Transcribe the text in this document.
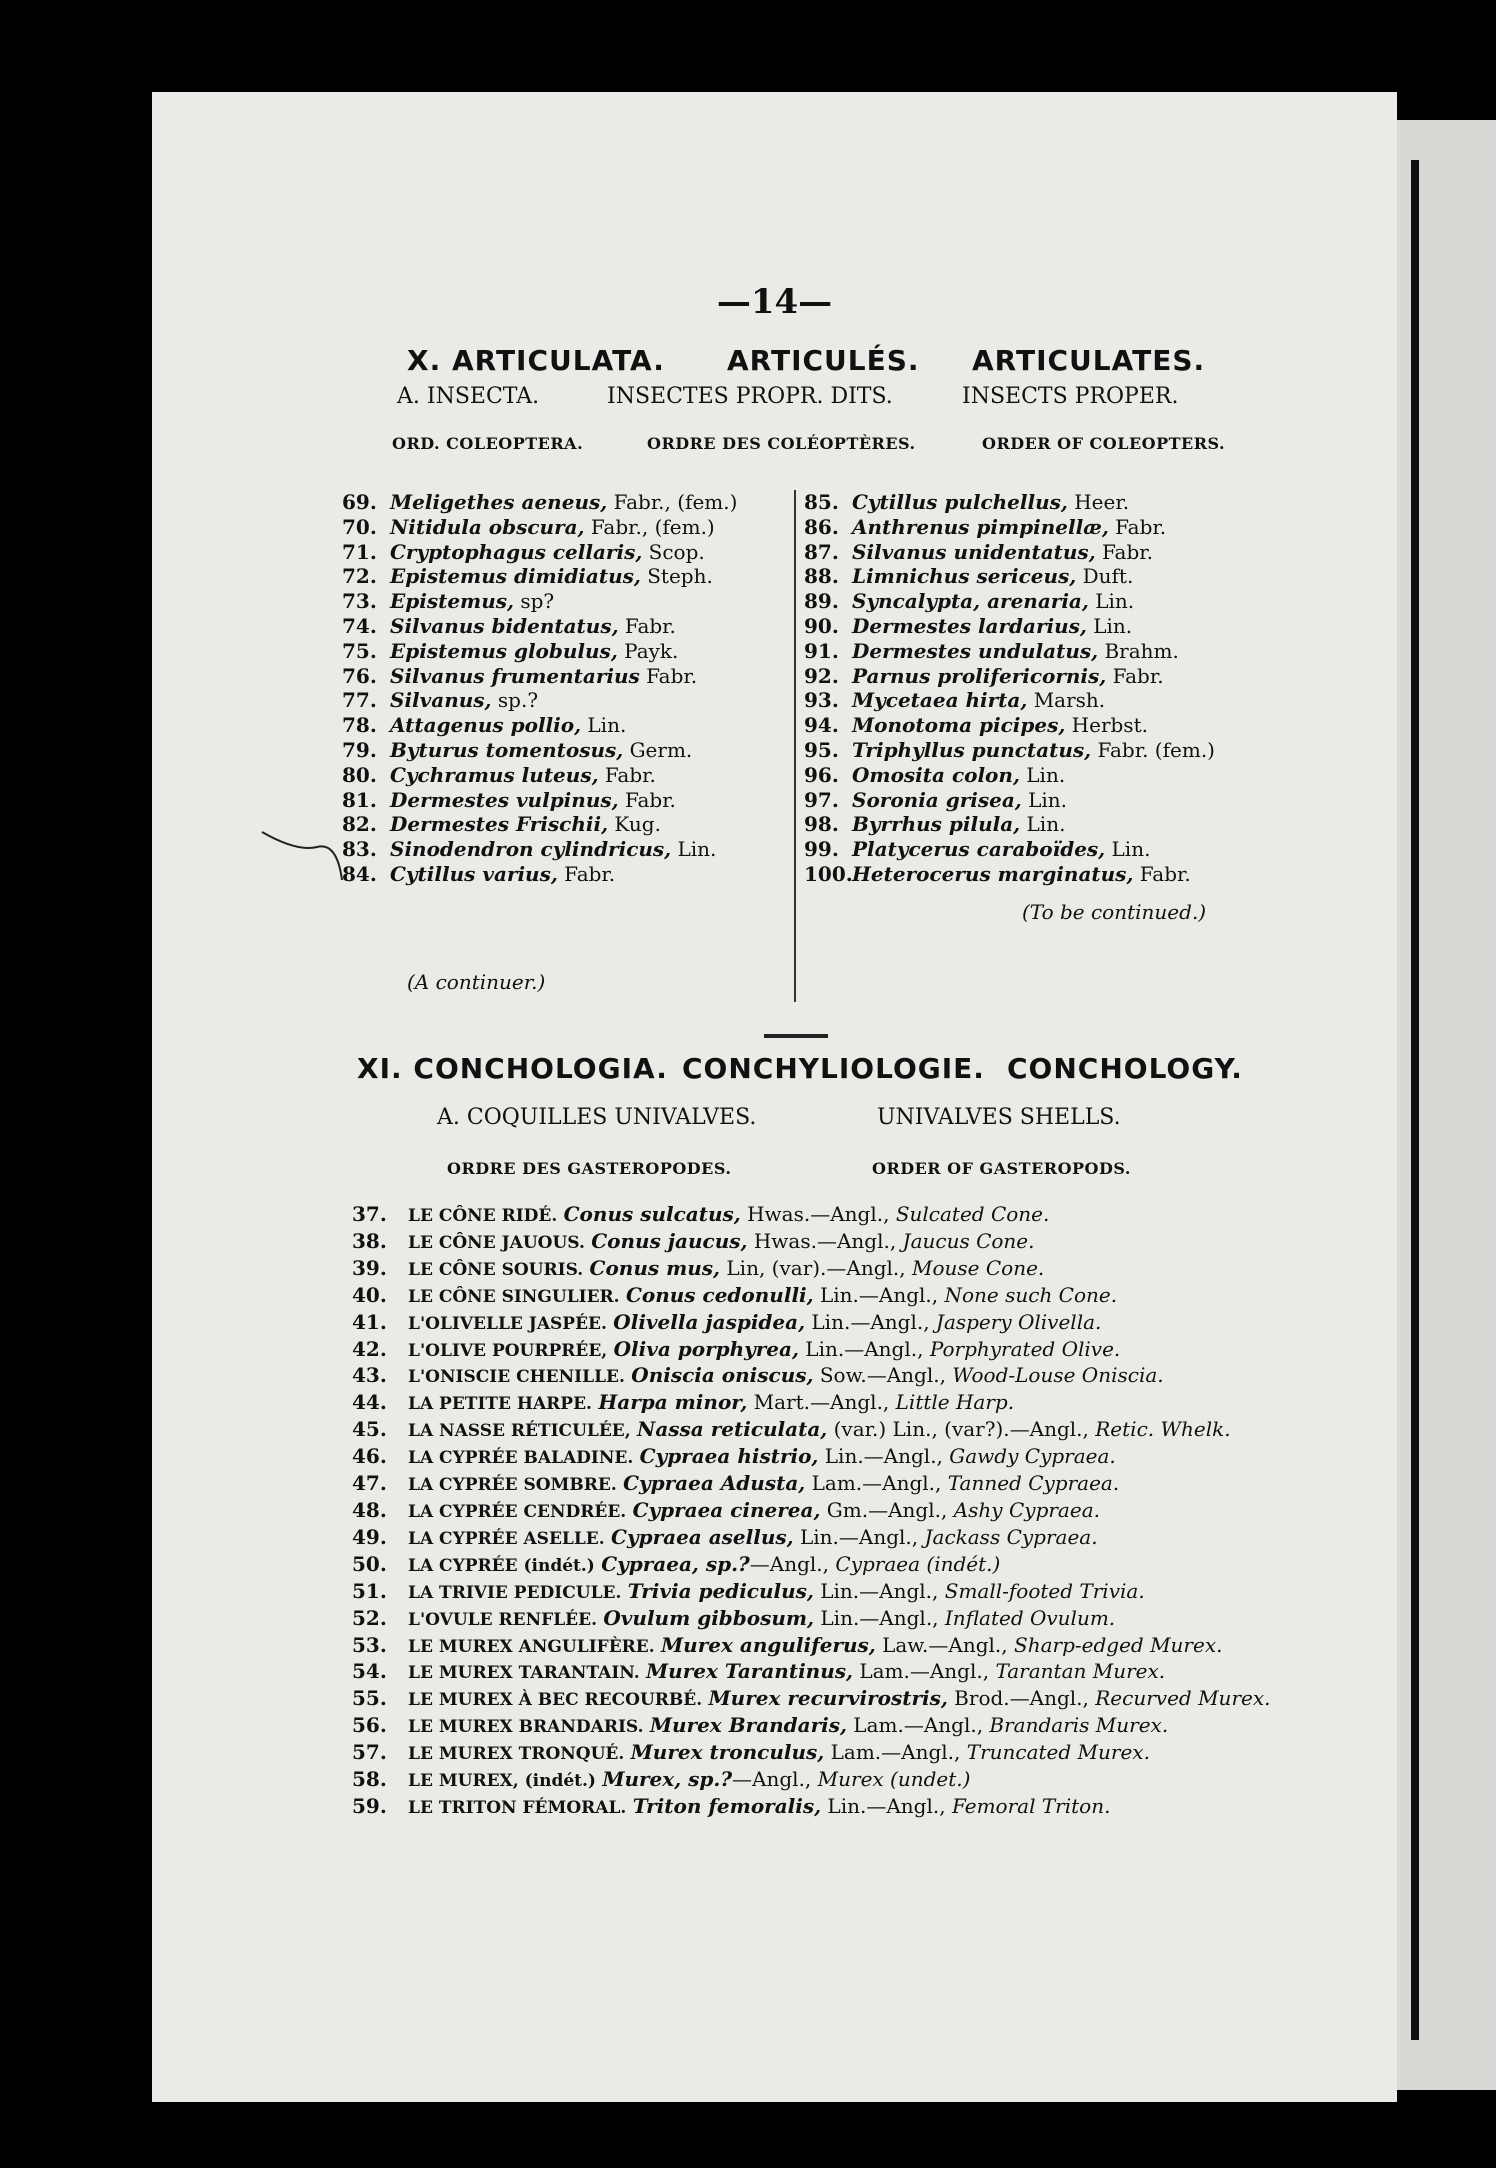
—14—
X. ARTICULATA. ARTICULÉS. ARTICULATES.
A. INSECTA.	INSECTES PROPR. DITS.	INSECTS PROPER.
ORD. COLEOPTERA.	ORDRE DES COLÉOPTÈRES.	ORDER OF COLEOPTERS.
69. Meligethes aeneus, Fabr., (fem.)
70. Nitidula obscura, Fabr., (fem.)
71. Cryptophagus cellaris, Scop.
72. Epistemus dimidiatus, Steph.
73. Epistemus, sp?
74. Silvanus bidentatus, Fabr.
75. Epistemus globulus, Payk.
76. Silvanus frumentarius Fabr.
77. Silvanus, sp.?
78. Attagenus pollio, Lin.
79. Byturus tomentosus, Germ.
80. Cychramus luteus, Fabr.
81. Dermestes vulpinus, Fabr.
82. Dermestes Frischii, Kug.
83. Sinodendron cylindricus, Lin.
84. Cytillus varius, Fabr.
(A continuer.)
85. Cytillus pulchellus, Heer.
86. Anthrenus pimpinellæ, Fabr.
87. Silvanus unidentatus, Fabr.
88. Limnichus sericeus, Duft.
89. Syncalypta, arenaria, Lin.
90. Dermestes lardarius, Lin.
91. Dermestes undulatus, Brahm.
92. Parnus prolifericornis, Fabr.
93. Mycetaea hirta, Marsh.
94. Monotoma picipes, Herbst.
95. Triphyllus punctatus, Fabr. (fem.)
96. Omosita colon, Lin.
97. Soronia grisea, Lin.
98. Byrrhus pilula, Lin.
99. Platycerus caraboïdes, Lin.
100.Heterocerus marginatus, Fabr.
(To be continued.)
XI. CONCHOLOGIA. CONCHYLIOLOGIE. CONCHOLOGY.
A. COQUILLES UNIVALVES.	UNIVALVES SHELLS.
ORDRE DES GASTEROPODES.	ORDER OF GASTEROPODS.
37. LE CÔNE RIDÉ. Conus sulcatus, Hwas.—Angl., Sulcated Cone.
38. LE CÔNE JAUOUS. Conus jaucus, Hwas.—Angl., Jaucus Cone.
39. LE CÔNE SOURIS. Conus mus, Lin, (var).—Angl., Mouse Cone.
40. LE CÔNE SINGULIER. Conus cedonulli, Lin.—Angl., None such Cone.
41. L'OLIVELLE JASPÉE. Olivella jaspidea, Lin.—Angl., Jaspery Olivella.
42. L'OLIVE POURPRÉE, Oliva porphyrea, Lin.—Angl., Porphyrated Olive.
43. L'ONISCIE CHENILLE. Oniscia oniscus, Sow.—Angl., Wood-Louse Oniscia.
44. LA PETITE HARPE. Harpa minor, Mart.—Angl., Little Harp.
45. LA NASSE RÉTICULÉE, Nassa reticulata, (var.) Lin., (var?).—Angl., Retic. Whelk.
46. LA CYPRÉE BALADINE. Cypraea histrio, Lin.—Angl., Gawdy Cypraea.
47. LA CYPRÉE SOMBRE. Cypraea Adusta, Lam.—Angl., Tanned Cypraea.
48. LA CYPRÉE CENDRÉE. Cypraea cinerea, Gm.—Angl., Ashy Cypraea.
49. LA CYPRÉE ASELLE. Cypraea asellus, Lin.—Angl., Jackass Cypraea.
50. LA CYPRÉE (indét.) Cypraea, sp.?—Angl., Cypraea (indét.)
51. LA TRIVIE PEDICULE. Trivia pediculus, Lin.—Angl., Small-footed Trivia.
52. L'OVULE RENFLÉE. Ovulum gibbosum, Lin.—Angl., Inflated Ovulum.
53. LE MUREX ANGULIFÈRE. Murex anguliferus, Law.—Angl., Sharp-edged Murex.
54. LE MUREX TARANTAIN. Murex Tarantinus, Lam.—Angl., Tarantan Murex.
55. LE MUREX À BEC RECOURBÉ. Murex recurvirostris, Brod.—Angl., Recurved Murex.
56. LE MUREX BRANDARIS. Murex Brandaris, Lam.—Angl., Brandaris Murex.
57. LE MUREX TRONQUÉ. Murex tronculus, Lam.—Angl., Truncated Murex.
58. LE MUREX, (indét.) Murex, sp.?—Angl., Murex (undet.)
59. LE TRITON FÉMORAL. Triton femoralis, Lin.—Angl., Femoral Triton.
